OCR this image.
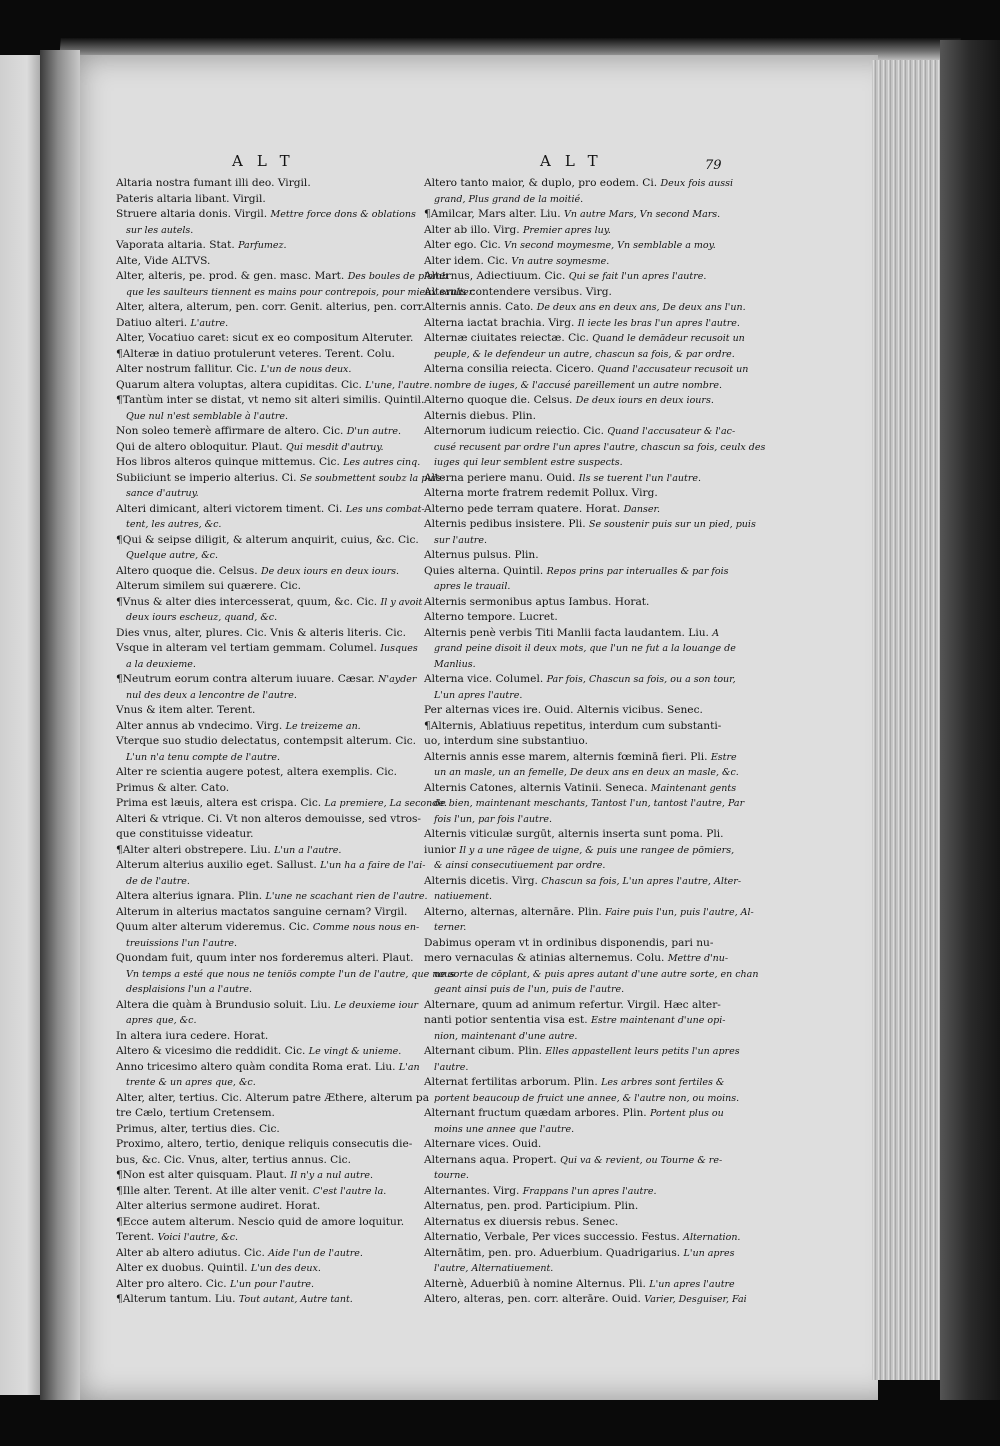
ALT	ALT	79
Altaria nostra fumant illi deo. Virgil.
Pateris altaria libant. Virgil.
Struere altaria donis. Virgil. Mettre force dons & oblations
sur les autels.
Vaporata altaria. Stat. Parfumez.
Alte, Vide ALTVS.
Alter, alteris, pe. prod. & gen. masc. Mart. Des boules de plomb
que les saulteurs tiennent es mains pour contrepois, pour mieux saulter.
Alter, altera, alterum, pen. corr. Genit. alterius, pen. corr.
Datiuo alteri. L'autre.
Alter, Vocatiuo caret: sicut ex eo compositum Alteruter.
¶Alteræ in datiuo protulerunt veteres. Terent. Colu.
Alter nostrum fallitur. Cic. L'un de nous deux.
Quarum altera voluptas, altera cupiditas. Cic. L'une, l'autre.
¶Tantùm inter se distat, vt nemo sit alteri similis. Quintil.
Que nul n'est semblable à l'autre.
Non soleo temerè affirmare de altero. Cic. D'un autre.
Qui de altero obloquitur. Plaut. Qui mesdit d'autruy.
Hos libros alteros quinque mittemus. Cic. Les autres cinq.
Subiiciunt se imperio alterius. Ci. Se soubmettent soubz la puis-
sance d'autruy.
Alteri dimicant, alteri victorem timent. Ci. Les uns combat-
tent, les autres, &c.
¶Qui & seipse diligit, & alterum anquirit, cuius, &c. Cic.
Quelque autre, &c.
Altero quoque die. Celsus. De deux iours en deux iours.
Alterum similem sui quærere. Cic.
¶Vnus & alter dies intercesserat, quum, &c. Cic. Il y avoit
deux iours escheuz, quand, &c.
Dies vnus, alter, plures. Cic. Vnis & alteris literis. Cic.
Vsque in alteram vel tertiam gemmam. Columel. Iusques
a la deuxieme.
¶Neutrum eorum contra alterum iuuare. Cæsar. N'ayder
nul des deux a lencontre de l'autre.
Vnus & item alter. Terent.
Alter annus ab vndecimo. Virg. Le treizeme an.
Vterque suo studio delectatus, contempsit alterum. Cic.
L'un n'a tenu compte de l'autre.
Alter re scientia augere potest, altera exemplis. Cic.
Primus & alter. Cato.
Prima est læuis, altera est crispa. Cic. La premiere, La seconde.
Alteri & vtrique. Ci. Vt non alteros demouisse, sed vtros-
que constituisse videatur.
¶Alter alteri obstrepere. Liu. L'un a l'autre.
Alterum alterius auxilio eget. Sallust. L'un ha a faire de l'ai-
de de l'autre.
Altera alterius ignara. Plin. L'une ne scachant rien de l'autre.
Alterum in alterius mactatos sanguine cernam? Virgil.
Quum alter alterum videremus. Cic. Comme nous nous en-
treuissions l'un l'autre.
Quondam fuit, quum inter nos forderemus alteri. Plaut.
Vn temps a esté que nous ne teniös compte l'un de l'autre, que nous
desplaisions l'un a l'autre.
Altera die quàm à Brundusio soluit. Liu. Le deuxieme iour
apres que, &c.
In altera iura cedere. Horat.
Altero & vicesimo die reddidit. Cic. Le vingt & unieme.
Anno tricesimo altero quàm condita Roma erat. Liu. L'an
trente & un apres que, &c.
Alter, alter, tertius. Cic. Alterum patre Æthere, alterum pa
tre Cælo, tertium Cretensem.
Primus, alter, tertius dies. Cic.
Proximo, altero, tertio, denique reliquis consecutis die-
bus, &c. Cic. Vnus, alter, tertius annus. Cic.
¶Non est alter quisquam. Plaut. Il n'y a nul autre.
¶Ille alter. Terent. At ille alter venit. C'est l'autre la.
Alter alterius sermone audiret. Horat.
¶Ecce autem alterum. Nescio quid de amore loquitur.
Terent. Voici l'autre, &c.
Alter ab altero adiutus. Cic. Aide l'un de l'autre.
Alter ex duobus. Quintil. L'un des deux.
Alter pro altero. Cic. L'un pour l'autre.
¶Alterum tantum. Liu. Tout autant, Autre tant.
Altero tanto maior, & duplo, pro eodem. Ci. Deux fois aussi
grand, Plus grand de la moitié.
¶Amilcar, Mars alter. Liu. Vn autre Mars, Vn second Mars.
Alter ab illo. Virg. Premier apres luy.
Alter ego. Cic. Vn second moymesme, Vn semblable a moy.
Alter idem. Cic. Vn autre soymesme.
Alternus, Adiectiuum. Cic. Qui se fait l'un apres l'autre.
Alternis contendere versibus. Virg.
Alternis annis. Cato. De deux ans en deux ans, De deux ans l'un.
Alterna iactat brachia. Virg. Il iecte les bras l'un apres l'autre.
Alternæ ciuitates reiectæ. Cic. Quand le demādeur recusoit un
peuple, & le defendeur un autre, chascun sa fois, & par ordre.
Alterna consilia reiecta. Cicero. Quand l'accusateur recusoit un
nombre de iuges, & l'accusé pareillement un autre nombre.
Alterno quoque die. Celsus. De deux iours en deux iours.
Alternis diebus. Plin.
Alternorum iudicum reiectio. Cic. Quand l'accusateur & l'ac-
cusé recusent par ordre l'un apres l'autre, chascun sa fois, ceulx des
iuges qui leur semblent estre suspects.
Alterna periere manu. Ouid. Ils se tuerent l'un l'autre.
Alterna morte fratrem redemit Pollux. Virg.
Alterno pede terram quatere. Horat. Danser.
Alternis pedibus insistere. Pli. Se soustenir puis sur un pied, puis
sur l'autre.
Alternus pulsus. Plin.
Quies alterna. Quintil. Repos prins par interualles & par fois
apres le trauail.
Alternis sermonibus aptus Iambus. Horat.
Alterno tempore. Lucret.
Alternis penè verbis Titi Manlii facta laudantem. Liu. A
grand peine disoit il deux mots, que l'un ne fut a la louange de
Manlius.
Alterna vice. Columel. Par fois, Chascun sa fois, ou a son tour,
L'un apres l'autre.
Per alternas vices ire. Ouid. Alternis vicibus. Senec.
¶Alternis, Ablatiuus repetitus, interdum cum substanti-
uo, interdum sine substantiuo.
Alternis annis esse marem, alternis fœminā fieri. Pli. Estre
un an masle, un an femelle, De deux ans en deux an masle, &c.
Alternis Catones, alternis Vatinii. Seneca. Maintenant gents
de bien, maintenant meschants, Tantost l'un, tantost l'autre, Par
fois l'un, par fois l'autre.
Alternis viticulæ surgūt, alternis inserta sunt poma. Pli.
iunior Il y a une rāgee de uigne, & puis une rangee de pōmiers,
& ainsi consecutiuement par ordre.
Alternis dicetis. Virg. Chascun sa fois, L'un apres l'autre, Alter-
natiuement.
Alterno, alternas, alternāre. Plin. Faire puis l'un, puis l'autre, Al-
terner.
Dabimus operam vt in ordinibus disponendis, pari nu-
mero vernaculas & atinias alternemus. Colu. Mettre d'nu-
ne sorte de cōplant, & puis apres autant d'une autre sorte, en chan
geant ainsi puis de l'un, puis de l'autre.
Alternare, quum ad animum refertur. Virgil. Hæc alter-
nanti potior sententia visa est. Estre maintenant d'une opi-
nion, maintenant d'une autre.
Alternant cibum. Plin. Elles appastellent leurs petits l'un apres
l'autre.
Alternat fertilitas arborum. Plin. Les arbres sont fertiles &
portent beaucoup de fruict une annee, & l'autre non, ou moins.
Alternant fructum quædam arbores. Plin. Portent plus ou
moins une annee que l'autre.
Alternare vices. Ouid.
Alternans aqua. Propert. Qui va & revient, ou Tourne & re-
tourne.
Alternantes. Virg. Frappans l'un apres l'autre.
Alternatus, pen. prod. Participium. Plin.
Alternatus ex diuersis rebus. Senec.
Alternatio, Verbale, Per vices successio. Festus. Alternation.
Alternātim, pen. pro. Aduerbium. Quadrigarius. L'un apres
l'autre, Alternatiuement.
Alternè, Aduerbiū à nomine Alternus. Pli. L'un apres l'autre
Altero, alteras, pen. corr. alterāre. Ouid. Varier, Desguiser, Fai
